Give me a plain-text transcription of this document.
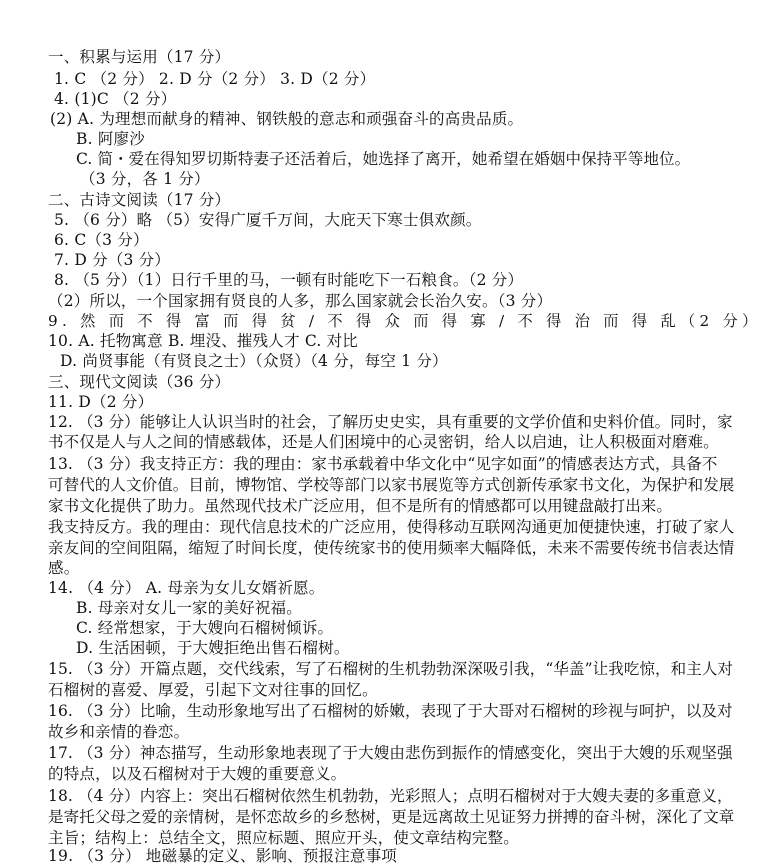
一、积累与运用（17 分）
1. C （2 分） 2. D 分（2 分） 3. D（2 分）
4. (1)C （2 分）
(2) A. 为理想而献身的精神、钢铁般的意志和顽强奋斗的高贵品质。
B. 阿廖沙
C. 简・爱在得知罗切斯特妻子还活着后，她选择了离开，她希望在婚姻中保持平等地位。
（3 分，各 1 分）
二、古诗文阅读（17 分）
5. （6 分）略 （5）安得广厦千万间，大庇天下寒士俱欢颜。
6. C（3 分）
7. D 分（3 分）
8. （5 分）（1）日行千里的马，一顿有时能吃下一石粮食。（2 分）
（2）所以，一个国家拥有贤良的人多，那么国家就会长治久安。（3 分）
9. 然 而 不 得 富 而 得 贫 / 不 得 众 而 得 寡 / 不 得 治 而 得 乱（2 分）
10. A. 托物寓意 B. 埋没、摧残人才 C. 对比
D. 尚贤事能（有贤良之士）（众贤）（4 分，每空 1 分）
三、现代文阅读（36 分）
11. D（2 分）
12. （3 分）能够让人认识当时的社会，了解历史史实，具有重要的文学价值和史料价值。同时，家
书不仅是人与人之间的情感载体，还是人们困境中的心灵密钥，给人以启迪，让人积极面对磨难。
13. （3 分）我支持正方：我的理由：家书承载着中华文化中“见字如面”的情感表达方式，具备不
可替代的人文价值。目前，博物馆、学校等部门以家书展览等方式创新传承家书文化，为保护和发展
家书文化提供了助力。虽然现代技术广泛应用，但不是所有的情感都可以用键盘敲打出来。
我支持反方。我的理由：现代信息技术的广泛应用，使得移动互联网沟通更加便捷快速，打破了家人
亲友间的空间阻隔，缩短了时间长度，使传统家书的使用频率大幅降低，未来不需要传统书信表达情
感。
14. （4 分） A. 母亲为女儿女婿祈愿。
B. 母亲对女儿一家的美好祝福。
C. 经常想家，于大嫂向石榴树倾诉。
D. 生活困顿，于大嫂拒绝出售石榴树。
15. （3 分）开篇点题，交代线索，写了石榴树的生机勃勃深深吸引我，“华盖”让我吃惊，和主人对
石榴树的喜爱、厚爱，引起下文对往事的回忆。
16. （3 分）比喻，生动形象地写出了石榴树的娇嫩，表现了于大哥对石榴树的珍视与呵护，以及对
故乡和亲情的眷恋。
17. （3 分）神态描写，生动形象地表现了于大嫂由悲伤到振作的情感变化，突出于大嫂的乐观坚强
的特点，以及石榴树对于大嫂的重要意义。
18. （4 分）内容上：突出石榴树依然生机勃勃，光彩照人；点明石榴树对于大嫂夫妻的多重意义，
是寄托父母之爱的亲情树，是怀恋故乡的乡愁树，更是远离故土见证努力拼搏的奋斗树，深化了文章
主旨；结构上：总结全文，照应标题、照应开头，使文章结构完整。
19. （3 分） 地磁暴的定义、影响、预报注意事项
